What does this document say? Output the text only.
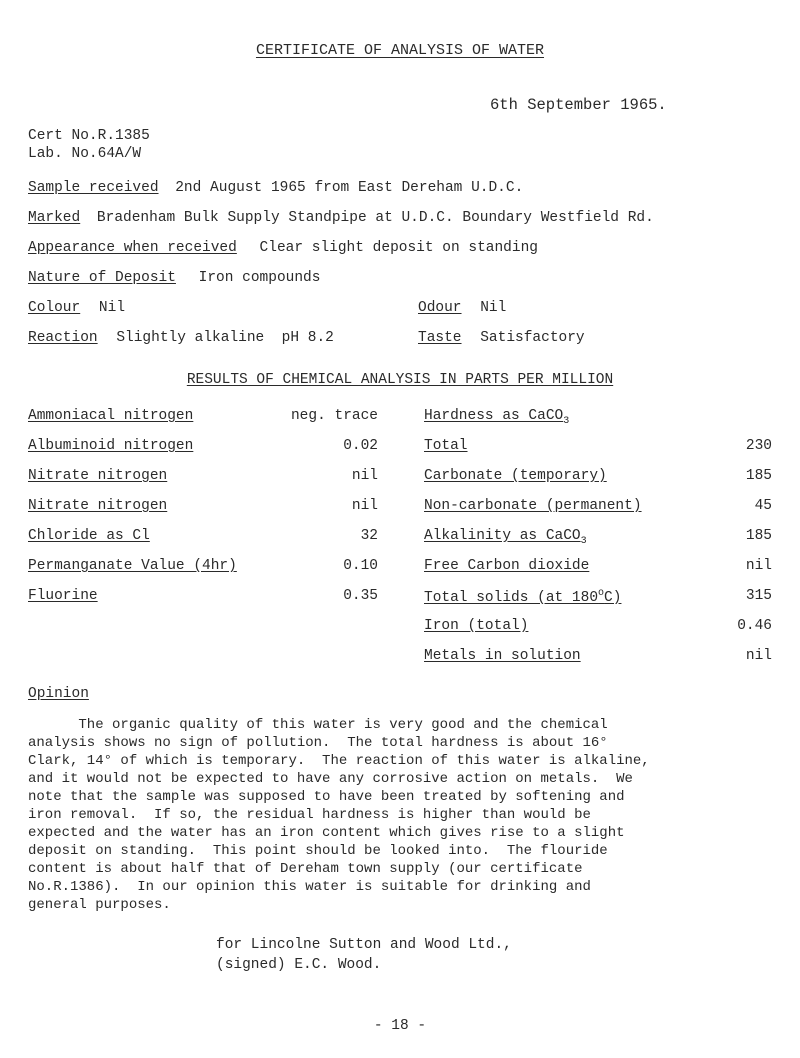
CERTIFICATE OF ANALYSIS OF WATER
6th September 1965.
Cert No.R.1385
Lab. No.64A/W
Sample received 2nd August 1965 from East Dereham U.D.C.
Marked Bradenham Bulk Supply Standpipe at U.D.C. Boundary Westfield Rd.
Appearance when received Clear slight deposit on standing
Nature of Deposit Iron compounds
Colour Nil	Odour Nil
Reaction Slightly alkaline  pH 8.2	Taste Satisfactory
RESULTS OF CHEMICAL ANALYSIS IN PARTS PER MILLION
Ammoniacal nitrogen	neg. trace
Albuminoid nitrogen	0.02
Nitrate nitrogen	nil
Nitrate nitrogen	nil
Chloride as Cl	32
Permanganate Value (4hr)	0.10
Fluorine	0.35
Hardness as CaCO$_3$
Total	230
Carbonate (temporary)	185
Non-carbonate (permanent)	45
Alkalinity as CaCO$_3$	185
Free Carbon dioxide	nil
Total solids (at 180$^o$C)	315
Iron (total)	0.46
Metals in solution	nil
Opinion
The organic quality of this water is very good and the chemical
analysis shows no sign of pollution.  The total hardness is about 16°
Clark, 14° of which is temporary.  The reaction of this water is alkaline,
and it would not be expected to have any corrosive action on metals.  We
note that the sample was supposed to have been treated by softening and
iron removal.  If so, the residual hardness is higher than would be
expected and the water has an iron content which gives rise to a slight
deposit on standing.  This point should be looked into.  The flouride
content is about half that of Dereham town supply (our certificate
No.R.1386).  In our opinion this water is suitable for drinking and
general purposes.
for Lincolne Sutton and Wood Ltd.,
(signed) E.C. Wood.
- 18 -
